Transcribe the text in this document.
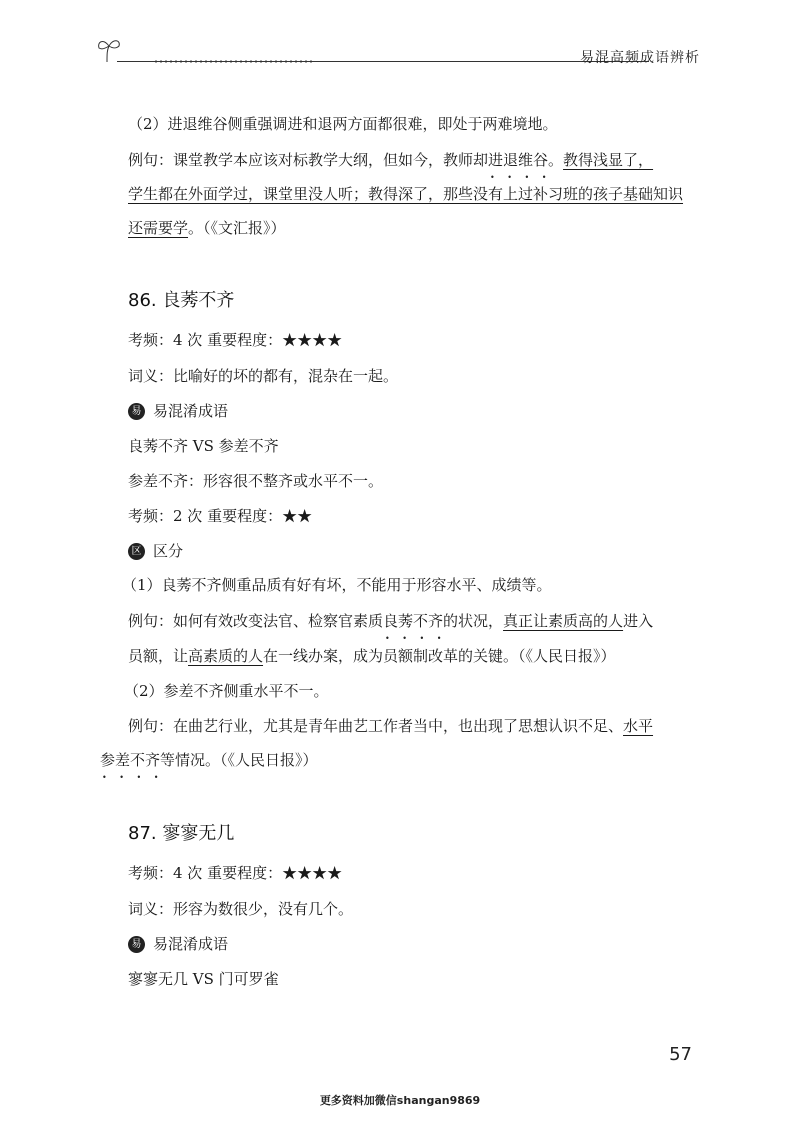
易混高频成语辨析
（2）进退维谷侧重强调进和退两方面都很难，即处于两难境地。
例句：课堂教学本应该对标教学大纲，但如今，教师却进退维谷 • • • •。教得浅显了，
学生都在外面学过，课堂里没人听；教得深了，那些没有上过补习班的孩子基础知识
还需要学。（《文汇报》）
86. 良莠不齐
考频：4 次 重要程度：★★★★
词义：比喻好的坏的都有，混杂在一起。
易 易混淆成语
良莠不齐 VS 参差不齐
参差不齐：形容很不整齐或水平不一。
考频：2 次 重要程度：★★
区 区分
（1）良莠不齐侧重品质有好有坏，不能用于形容水平、成绩等。
例句：如何有效改变法官、检察官素质良莠不齐 • • • •的状况，真正让素质高的人进入
员额，让高素质的人在一线办案，成为员额制改革的关键。（《人民日报》）
（2）参差不齐侧重水平不一。
例句：在曲艺行业，尤其是青年曲艺工作者当中，也出现了思想认识不足、水平
参差不齐 • • • •等情况。（《人民日报》）
87. 寥寥无几
考频：4 次 重要程度：★★★★
词义：形容为数很少，没有几个。
易 易混淆成语
寥寥无几 VS 门可罗雀
57
更多资料加微信shangan9869
